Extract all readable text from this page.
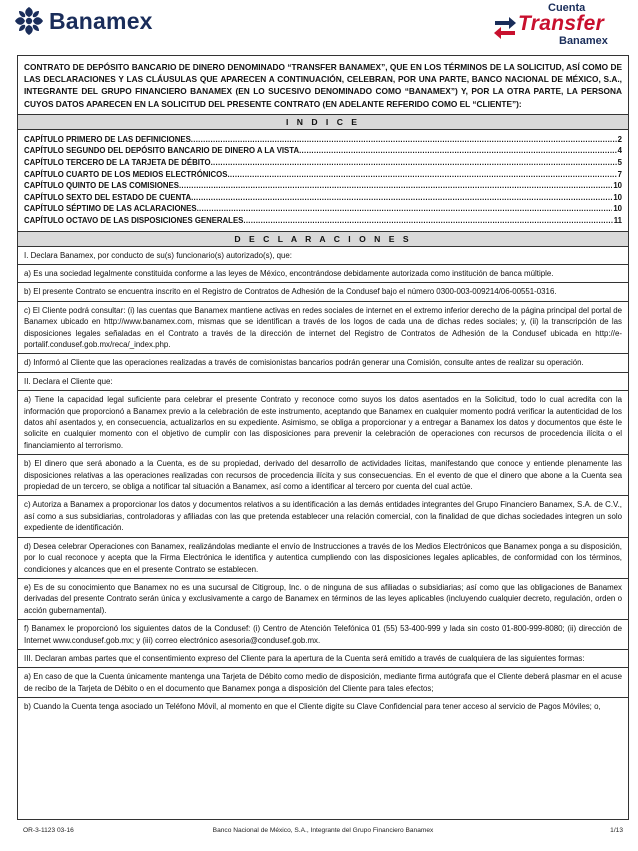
Banamex	Cuenta
Transfer
Banamex
CONTRATO DE DEPÓSITO BANCARIO DE DINERO DENOMINADO “TRANSFER BANAMEX”, QUE EN LOS TÉRMINOS DE LA SOLICITUD, ASÍ COMO DE LAS DECLARACIONES Y LAS CLÁUSULAS QUE APARECEN A CONTINUACIÓN, CELEBRAN, POR UNA PARTE, BANCO NACIONAL DE MÉXICO, S.A., INTEGRANTE DEL GRUPO FINANCIERO BANAMEX (EN LO SUCESIVO DENOMINADO COMO “BANAMEX”) Y, POR LA OTRA PARTE, LA PERSONA CUYOS DATOS APARECEN EN LA SOLICITUD DEL PRESENTE CONTRATO (EN ADELANTE REFERIDO COMO EL “CLIENTE”):
I N D I C E
CAPÍTULO PRIMERO DE LAS DEFINICIONES .....	2
CAPÍTULO SEGUNDO DEL DEPÓSITO BANCARIO DE DINERO A LA VISTA .....	4
CAPÍTULO TERCERO DE LA TARJETA DE DÉBITO .....	5
CAPÍTULO CUARTO DE LOS MEDIOS ELECTRÓNICOS .....	7
CAPÍTULO QUINTO DE LAS COMISIONES .....	10
CAPÍTULO SEXTO DEL ESTADO DE CUENTA .....	10
CAPÍTULO SÉPTIMO DE LAS ACLARACIONES .....	10
CAPÍTULO OCTAVO DE LAS DISPOSICIONES GENERALES .....	11
D E C L A R A C I O N E S
I. Declara Banamex, por conducto de su(s) funcionario(s) autorizado(s), que:
a) Es una sociedad legalmente constituida conforme a las leyes de México, encontrándose debidamente autorizada como institución de banca múltiple.
b) El presente Contrato se encuentra inscrito en el Registro de Contratos de Adhesión de la Condusef bajo el número 0300-003-009214/06-00551-0316.
c) El Cliente podrá consultar: (i) las cuentas que Banamex mantiene activas en redes sociales de internet en el extremo inferior derecho de la página principal del portal de Banamex ubicado en http://www.banamex.com, mismas que se identifican a través de los logos de cada una de dichas redes sociales; y, (ii) la transcripción de las disposiciones legales señaladas en el Contrato a través de la dirección de internet del Registro de Contratos de Adhesión de la Condusef ubicada en http://e-portalif.condusef.gob.mx/reca/_index.php.
d) Informó al Cliente que las operaciones realizadas a través de comisionistas bancarios podrán generar una Comisión, consulte antes de realizar su operación.
II. Declara el Cliente que:
a) Tiene la capacidad legal suficiente para celebrar el presente Contrato y reconoce como suyos los datos asentados en la Solicitud, todo lo cual acredita con la información que proporcionó a Banamex previo a la celebración de este instrumento, aceptando que Banamex en cualquier momento podrá verificar la autenticidad de los datos ahí asentados y, en consecuencia, actualizarlos en su expediente. Asimismo, se obliga a proporcionar y a entregar a Banamex los datos y documentos que éste le solicite en cualquier momento con el objetivo de cumplir con las disposiciones para prevenir la celebración de operaciones con recursos de procedencia ilícita o el financiamiento al terrorismo.
b) El dinero que será abonado a la Cuenta, es de su propiedad, derivado del desarrollo de actividades lícitas, manifestando que conoce y entiende plenamente las disposiciones relativas a las operaciones realizadas con recursos de procedencia ilícita y sus consecuencias. En el evento de que el dinero que abone a la Cuenta sea propiedad de un tercero, se obliga a notificar tal situación a Banamex, así como a identificar al tercero por cuenta del cual actúe.
c) Autoriza a Banamex a proporcionar los datos y documentos relativos a su identificación a las demás entidades integrantes del Grupo Financiero Banamex, S.A. de C.V., así como a sus subsidiarias, controladoras y afiliadas con las que pretenda establecer una relación comercial, con la finalidad de que dichas sociedades integren un solo expediente de identificación.
d) Desea celebrar Operaciones con Banamex, realizándolas mediante el envío de Instrucciones a través de los Medios Electrónicos que Banamex ponga a su disposición, por lo cual reconoce y acepta que la Firma Electrónica le identifica y autentica cumpliendo con las disposiciones legales aplicables, de conformidad con los términos, condiciones y alcances que en el presente Contrato se establecen.
e) Es de su conocimiento que Banamex no es una sucursal de Citigroup, Inc. o de ninguna de sus afiliadas o subsidiarias; así como que las obligaciones de Banamex derivadas del presente Contrato serán única y exclusivamente a cargo de Banamex en términos de las leyes aplicables (incluyendo cualquier decreto, regulación, orden o acción gubernamental).
f) Banamex le proporcionó los siguientes datos de la Condusef: (i) Centro de Atención Telefónica 01 (55) 53-400-999 y lada sin costo 01-800-999-8080; (ii) dirección de Internet www.condusef.gob.mx; y (iii) correo electrónico asesoria@condusef.gob.mx.
III. Declaran ambas partes que el consentimiento expreso del Cliente para la apertura de la Cuenta será emitido a través de cualquiera de las siguientes formas:
a) En caso de que la Cuenta únicamente mantenga una Tarjeta de Débito como medio de disposición, mediante firma autógrafa que el Cliente deberá plasmar en el acuse de recibo de la Tarjeta de Débito o en el documento que Banamex ponga a disposición del Cliente para tales efectos;
b) Cuando la Cuenta tenga asociado un Teléfono Móvil, al momento en que el Cliente digite su Clave Confidencial para tener acceso al servicio de Pagos Móviles; o,
OR-3-1123 03-16	Banco Nacional de México, S.A., Integrante del Grupo Financiero Banamex	1/13
